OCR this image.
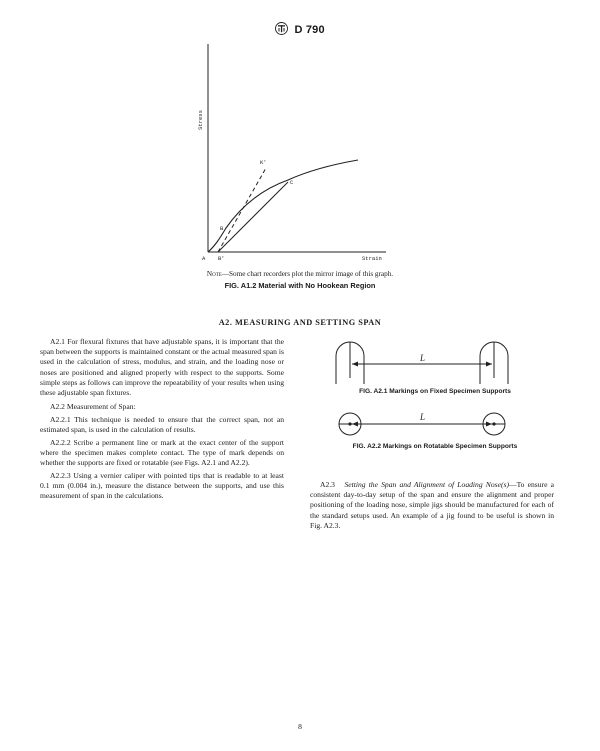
D 790
Stress
Strain
A B'
B
C
K'
Note—Some chart recorders plot the mirror image of this graph.
FIG. A1.2 Material with No Hookean Region
A2. MEASURING AND SETTING SPAN

A2.1 For flexural fixtures that have adjustable spans, it is important that the span between the supports is maintained constant or the actual measured span is used in the calculation of stress, modulus, and strain, and the loading nose or noses are positioned and aligned properly with respect to the supports. Some simple steps as follows can improve the repeatability of your results when using these adjustable span fixtures.

A2.2 Measurement of Span:

A2.2.1 This technique is needed to ensure that the correct span, not an estimated span, is used in the calculation of results.

A2.2.2 Scribe a permanent line or mark at the exact center of the support where the specimen makes complete contact. The type of mark depends on whether the supports are fixed or rotatable (see Figs. A2.1 and A2.2).

A2.2.3 Using a vernier caliper with pointed tips that is readable to at least 0.1 mm (0.004 in.), measure the distance between the supports, and use this measurement of span in the calculations.

L
FIG. A2.1 Markings on Fixed Specimen Supports
L
FIG. A2.2 Markings on Rotatable Specimen Supports

A2.3 Setting the Span and Alignment of Loading Nose(s)—To ensure a consistent day-to-day setup of the span and ensure the alignment and proper positioning of the loading nose, simple jigs should be manufactured for each of the standard setups used. An example of a jig found to be useful is shown in Fig. A2.3.

8
